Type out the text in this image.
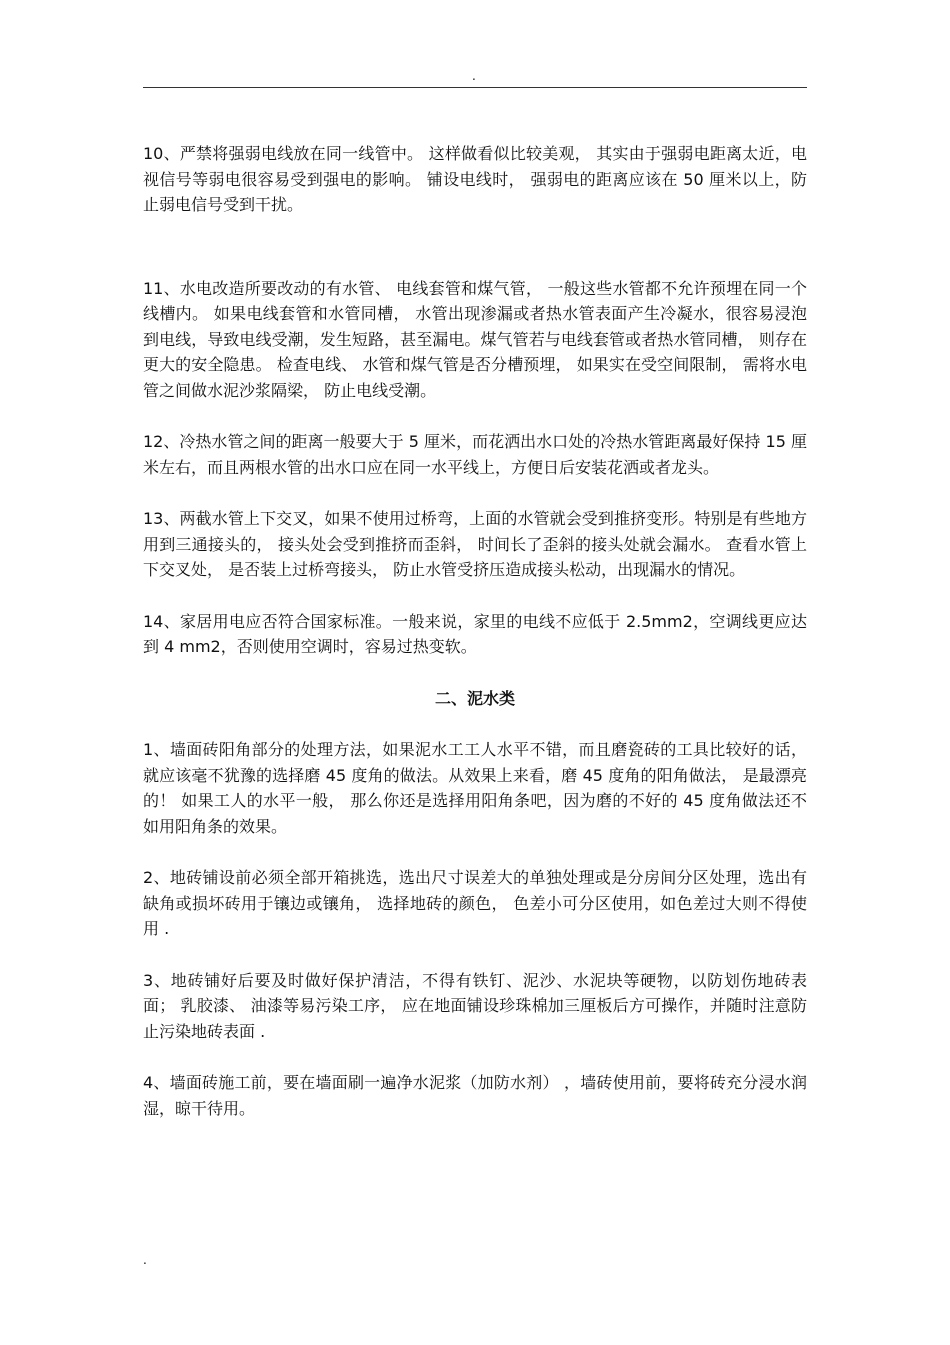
.

10、严禁将强弱电线放在同一线管中。 这样做看似比较美观， 其实由于强弱电距离太近，电视信号等弱电很容易受到强电的影响。 铺设电线时， 强弱电的距离应该在 50 厘米以上，防止弱电信号受到干扰。

11、水电改造所要改动的有水管、 电线套管和煤气管， 一般这些水管都不允许预埋在同一个线槽内。 如果电线套管和水管同槽， 水管出现渗漏或者热水管表面产生冷凝水，很容易浸泡到电线，导致电线受潮，发生短路，甚至漏电。煤气管若与电线套管或者热水管同槽， 则存在更大的安全隐患。 检查电线、 水管和煤气管是否分槽预埋， 如果实在受空间限制， 需将水电管之间做水泥沙浆隔梁， 防止电线受潮。

12、冷热水管之间的距离一般要大于 5 厘米，而花洒出水口处的冷热水管距离最好保持 15 厘米左右，而且两根水管的出水口应在同一水平线上，方便日后安装花洒或者龙头。

13、两截水管上下交叉，如果不使用过桥弯，上面的水管就会受到推挤变形。特别是有些地方用到三通接头的， 接头处会受到推挤而歪斜， 时间长了歪斜的接头处就会漏水。 查看水管上下交叉处， 是否装上过桥弯接头， 防止水管受挤压造成接头松动，出现漏水的情况。

14、家居用电应否符合国家标准。一般来说，家里的电线不应低于 2.5mm2，空调线更应达到 4 mm2，否则使用空调时，容易过热变软。

二、泥水类

1、墙面砖阳角部分的处理方法，如果泥水工工人水平不错，而且磨瓷砖的工具比较好的话，就应该毫不犹豫的选择磨 45 度角的做法。从效果上来看，磨 45 度角的阳角做法， 是最漂亮的！ 如果工人的水平一般， 那么你还是选择用阳角条吧，因为磨的不好的 45 度角做法还不如用阳角条的效果。

2、地砖铺设前必须全部开箱挑选，选出尺寸误差大的单独处理或是分房间分区处理，选出有缺角或损坏砖用于镶边或镶角， 选择地砖的颜色， 色差小可分区使用，如色差过大则不得使用 .

3、地砖铺好后要及时做好保护清洁，不得有铁钉、泥沙、水泥块等硬物，以防划伤地砖表面； 乳胶漆、 油漆等易污染工序， 应在地面铺设珍珠棉加三厘板后方可操作，并随时注意防止污染地砖表面 .

4、墙面砖施工前，要在墙面刷一遍净水泥浆（加防水剂） ，墙砖使用前，要将砖充分浸水润湿，晾干待用。

.
